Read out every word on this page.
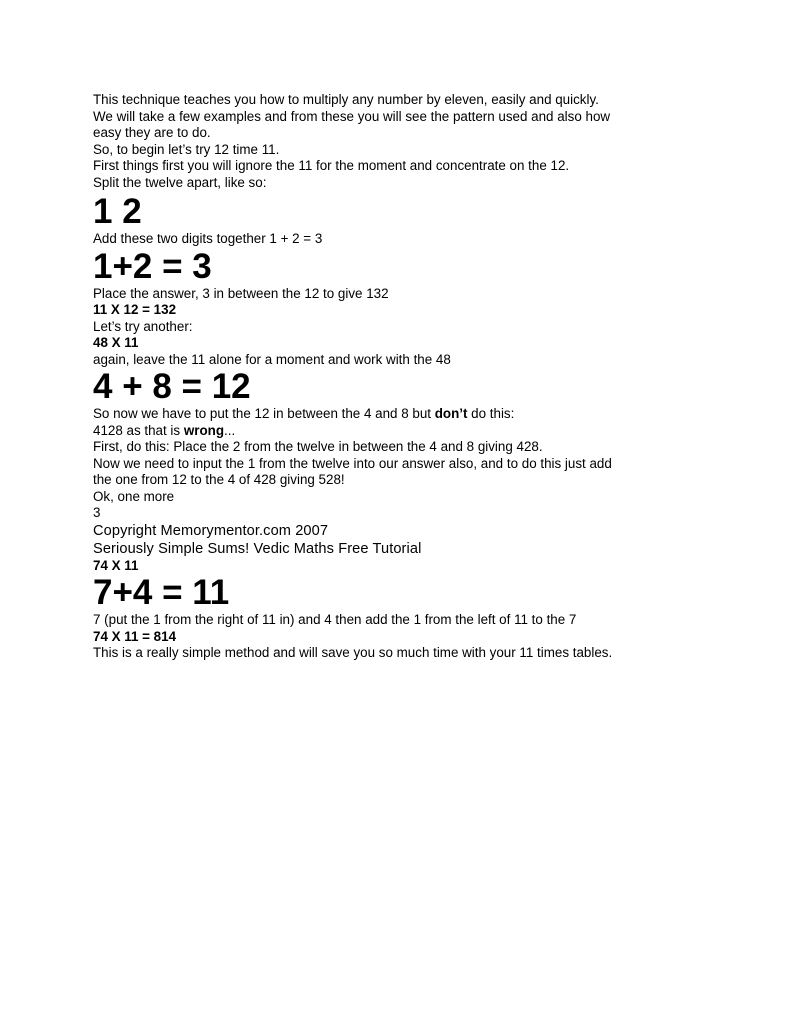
This technique teaches you how to multiply any number by eleven, easily and quickly.

We will take a few examples and from these you will see the pattern used and also how

easy they are to do.

So, to begin let’s try 12 time 11.

First things first you will ignore the 11 for the moment and concentrate on the 12.

Split the twelve apart, like so:

1 2

Add these two digits together 1 + 2 = 3

1+2 = 3

Place the answer, 3 in between the 12 to give 132

11 X 12 = 132

Let’s try another:

48 X 11

again, leave the 11 alone for a moment and work with the 48

4 + 8 = 12

So now we have to put the 12 in between the 4 and 8 but don’t do this:

4128 as that is wrong...

First, do this: Place the 2 from the twelve in between the 4 and 8 giving 428.

Now we need to input the 1 from the twelve into our answer also, and to do this just add

the one from 12 to the 4 of 428 giving 528!

Ok, one more

3

Copyright Memorymentor.com 2007

Seriously Simple Sums! Vedic Maths Free Tutorial

74 X 11

7+4 = 11

7 (put the 1 from the right of 11 in) and 4 then add the 1 from the left of 11 to the 7

74 X 11 = 814

This is a really simple method and will save you so much time with your 11 times tables.
